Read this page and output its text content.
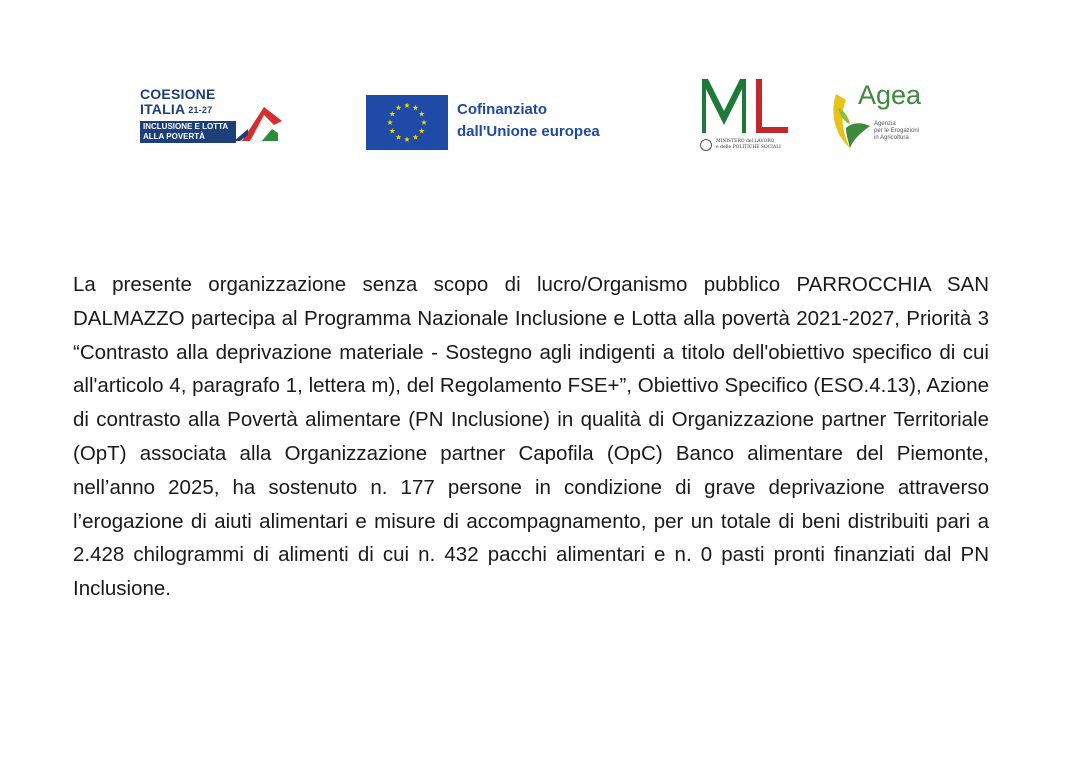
COESIONE
ITALIA 21-27
INCLUSIONE E LOTTA
ALLA POVERTÀ
Cofinanziato
dall'Unione europea
MINISTERO del LAVORO
e delle POLITICHE SOCIALI
Agea
Agenzia
per le Erogazioni
in Agricoltura

La presente organizzazione senza scopo di lucro/Organismo pubblico PARROCCHIA SAN DALMAZZO partecipa al Programma Nazionale Inclusione e Lotta alla povertà 2021-2027, Priorità 3 “Contrasto alla deprivazione materiale - Sostegno agli indigenti a titolo dell'obiettivo specifico di cui all'articolo 4, paragrafo 1, lettera m), del Regolamento FSE+”, Obiettivo Specifico (ESO.4.13), Azione di contrasto alla Povertà alimentare (PN Inclusione) in qualità di Organizzazione partner Territoriale (OpT) associata alla Organizzazione partner Capofila (OpC) Banco alimentare del Piemonte, nell’anno 2025, ha sostenuto n. 177 persone in condizione di grave deprivazione attraverso l’erogazione di aiuti alimentari e misure di accompagnamento, per un totale di beni distribuiti pari a 2.428 chilogrammi di alimenti di cui n. 432 pacchi alimentari e n. 0 pasti pronti finanziati dal PN Inclusione.
